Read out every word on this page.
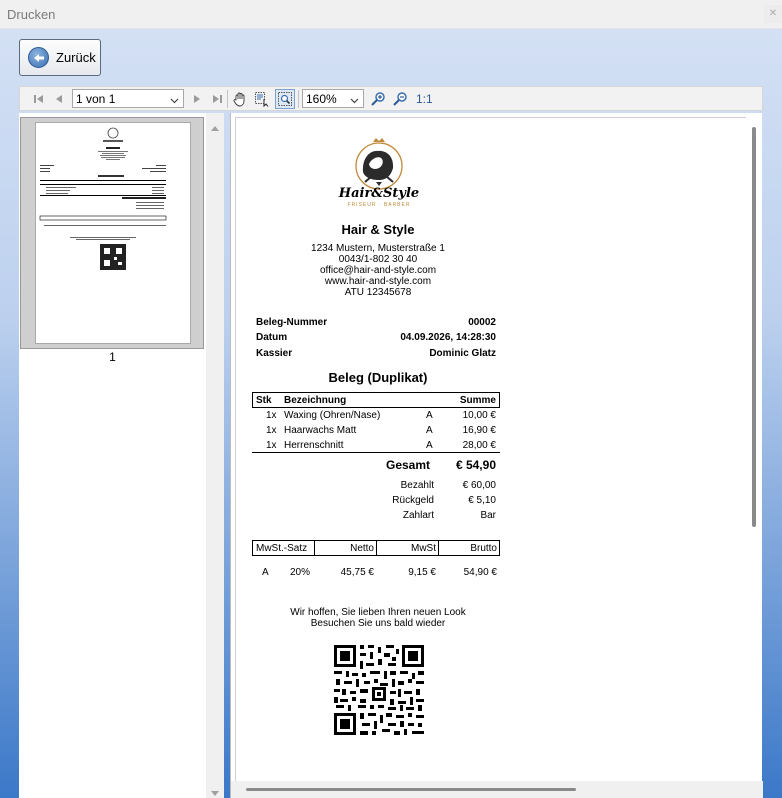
Drucken	✕
Zurück
1 von 1	160%	1:1
1
Hair&Style
FRISEUR · BARBER
Hair & Style
1234 Mustern, Musterstraße 1
0043/1-802 30 40
office@hair-and-style.com
www.hair-and-style.com
ATU 12345678
Beleg-Nummer	00002
Datum	04.09.2026, 14:28:30
Kassier	Dominic Glatz
Beleg (Duplikat)
Stk Bezeichnung	Summe
1x Waxing (Ohren/Nase)	A	10,00 €
1x Haarwachs Matt	A	16,90 €
1x Herrenschnitt	A	28,00 €
Gesamt	€ 54,90
Bezahlt	€ 60,00
Rückgeld	€ 5,10
Zahlart	Bar
MwSt.-Satz	Netto	MwSt	Brutto
A 20%	45,75 €	9,15 €	54,90 €
Wir hoffen, Sie lieben Ihren neuen Look
Besuchen Sie uns bald wieder
